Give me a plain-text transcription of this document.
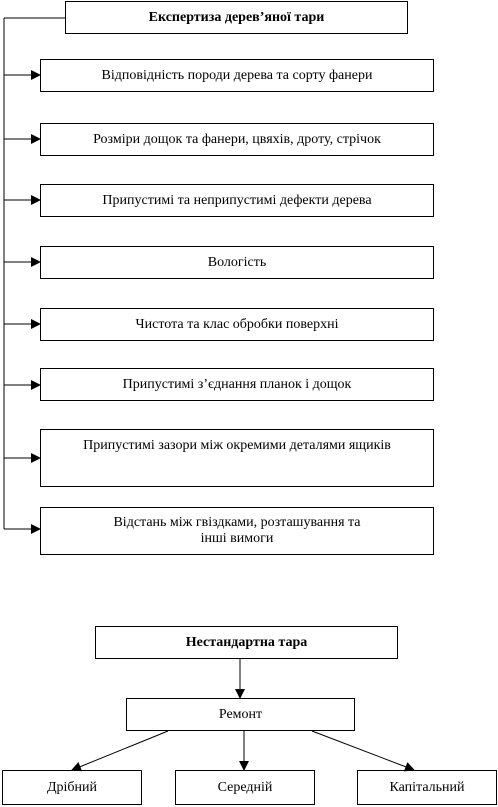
Експертиза дерев’яної тари
Відповідність породи дерева та сорту фанери
Розміри дощок та фанери, цвяхів, дроту, стрічок
Припустимі та неприпустимі дефекти дерева
Вологість
Чистота та клас обробки поверхні
Припустимі з’єднання планок і дощок
Припустимі зазори між окремими деталями ящиків
Відстань між гвіздками, розташування та інші вимоги
Нестандартна тара
Ремонт
Дрібний	Середній	Капітальний
